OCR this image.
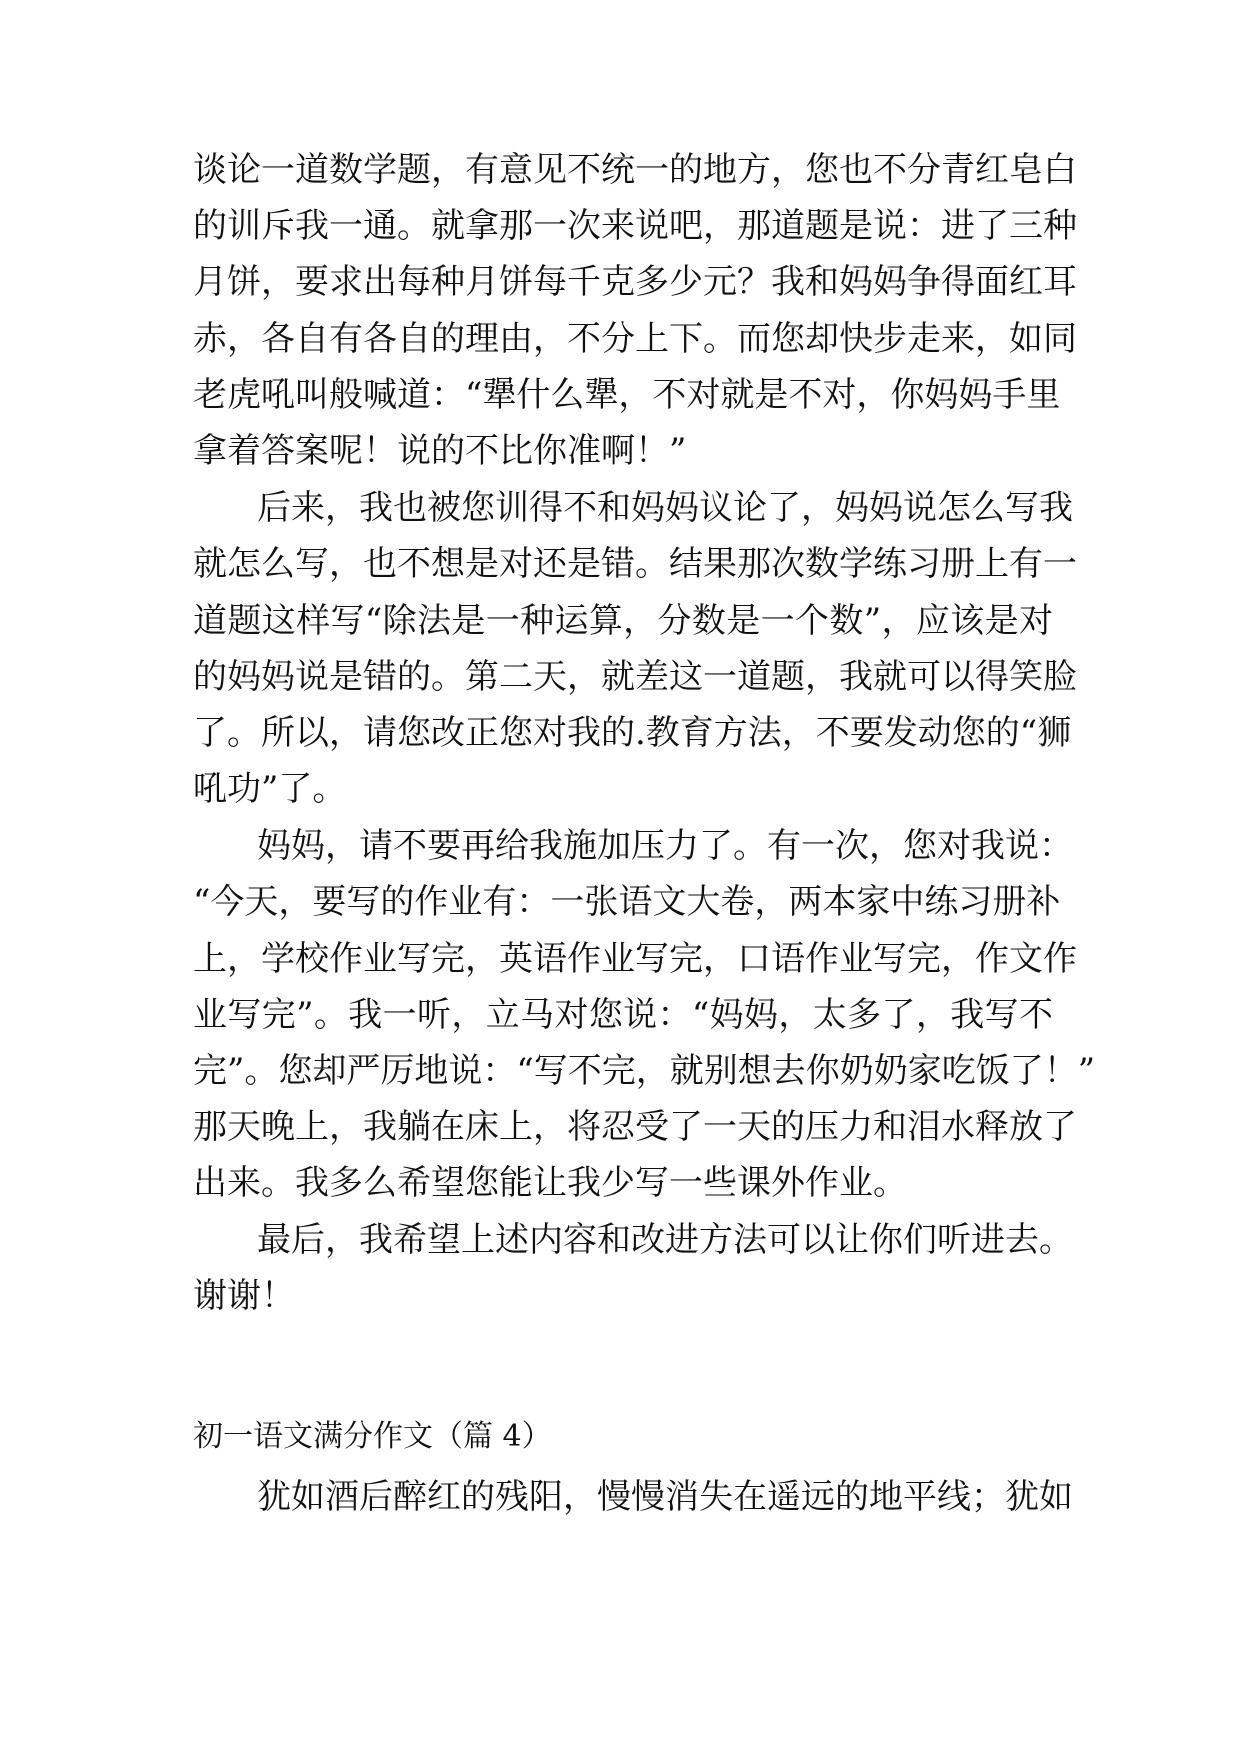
谈论一道数学题，有意见不统一的地方，您也不分青红皂白
的训斥我一通。就拿那一次来说吧，那道题是说：进了三种
月饼，要求出每种月饼每千克多少元？我和妈妈争得面红耳
赤，各自有各自的理由，不分上下。而您却快步走来，如同
老虎吼叫般喊道：“犟什么犟，不对就是不对，你妈妈手里
拿着答案呢！说的不比你准啊！”
后来，我也被您训得不和妈妈议论了，妈妈说怎么写我
就怎么写，也不想是对还是错。结果那次数学练习册上有一
道题这样写“除法是一种运算，分数是一个数”，应该是对
的妈妈说是错的。第二天，就差这一道题，我就可以得笑脸
了。所以，请您改正您对我的.教育方法，不要发动您的“狮
吼功”了。
妈妈，请不要再给我施加压力了。有一次，您对我说：
“今天，要写的作业有：一张语文大卷，两本家中练习册补
上，学校作业写完，英语作业写完，口语作业写完，作文作
业写完”。我一听，立马对您说：“妈妈，太多了，我写不
完”。您却严厉地说：“写不完，就别想去你奶奶家吃饭了！”
那天晚上，我躺在床上，将忍受了一天的压力和泪水释放了
出来。我多么希望您能让我少写一些课外作业。
最后，我希望上述内容和改进方法可以让你们听进去。
谢谢！
初一语文满分作文（篇 4）
犹如酒后醉红的残阳，慢慢消失在遥远的地平线；犹如
